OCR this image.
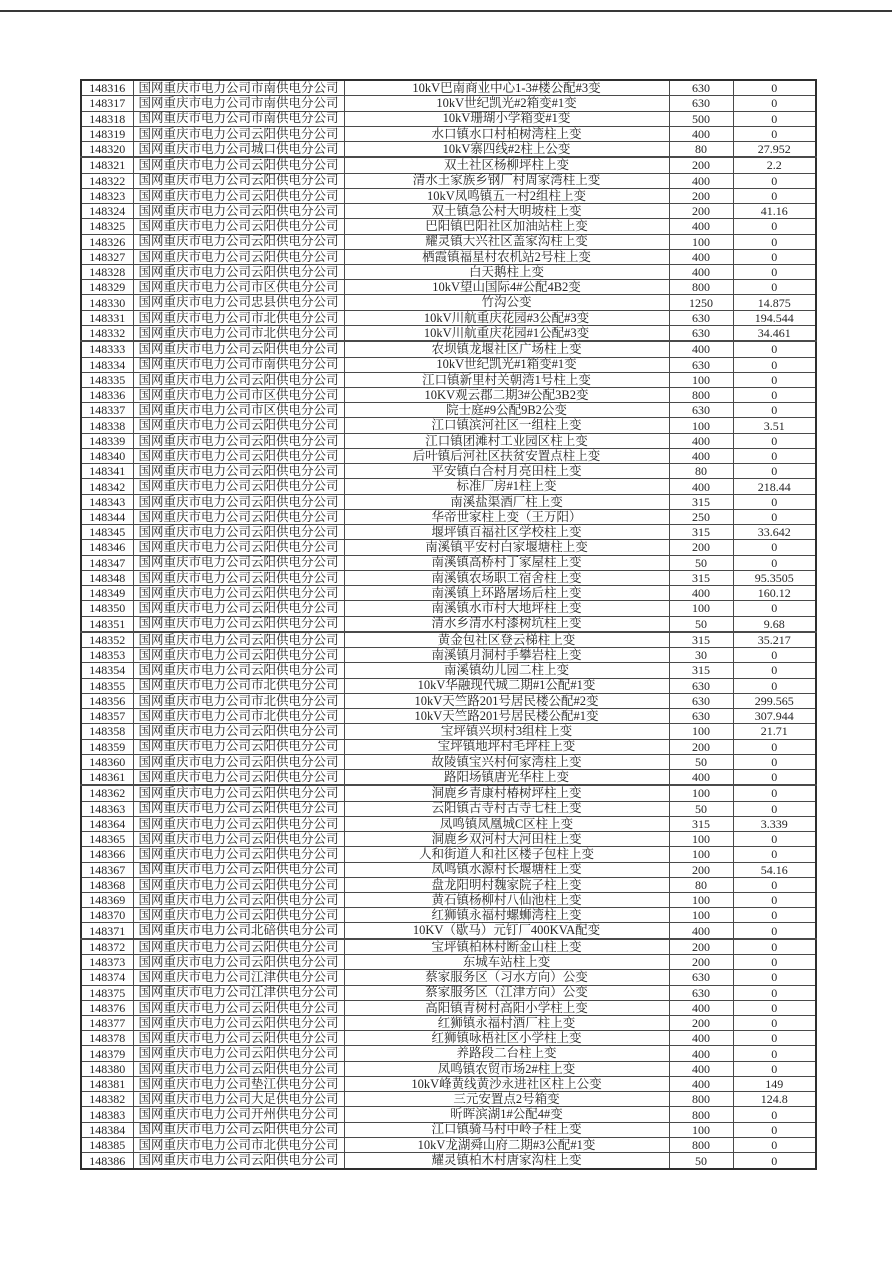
148316	国网重庆市电力公司市南供电分公司	10kV巴南商业中心1-3#楼公配#3变	630	0
148317	国网重庆市电力公司市南供电分公司	10kV世纪凯光#2箱变#1变	630	0
148318	国网重庆市电力公司市南供电分公司	10kV珊瑚小学箱变#1变	500	0
148319	国网重庆市电力公司云阳供电分公司	水口镇水口村柏树湾柱上变	400	0
148320	国网重庆市电力公司城口供电分公司	10kV寨四线#2柱上公变	80	27.952
148321	国网重庆市电力公司云阳供电分公司	双土社区杨柳坪柱上变	200	2.2
148322	国网重庆市电力公司云阳供电分公司	清水土家族乡钢厂村周家湾柱上变	400	0
148323	国网重庆市电力公司云阳供电分公司	10kV凤鸣镇五一村2组柱上变	200	0
148324	国网重庆市电力公司云阳供电分公司	双土镇急公村大明坡柱上变	200	41.16
148325	国网重庆市电力公司云阳供电分公司	巴阳镇巴阳社区加油站柱上变	400	0
148326	国网重庆市电力公司云阳供电分公司	耀灵镇大兴社区盖家沟柱上变	100	0
148327	国网重庆市电力公司云阳供电分公司	栖霞镇福星村农机站2号柱上变	400	0
148328	国网重庆市电力公司云阳供电分公司	白天鹅柱上变	400	0
148329	国网重庆市电力公司市区供电分公司	10kV望山国际4#公配4B2变	800	0
148330	国网重庆市电力公司忠县供电分公司	竹沟公变	1250	14.875
148331	国网重庆市电力公司市北供电分公司	10kV川航重庆花园#3公配#3变	630	194.544
148332	国网重庆市电力公司市北供电分公司	10kV川航重庆花园#1公配#3变	630	34.461
148333	国网重庆市电力公司云阳供电分公司	农坝镇龙堰社区广场柱上变	400	0
148334	国网重庆市电力公司市南供电分公司	10kV世纪凯光#1箱变#1变	630	0
148335	国网重庆市电力公司云阳供电分公司	江口镇新里村关朝湾1号柱上变	100	0
148336	国网重庆市电力公司市区供电分公司	10KV观云郡二期3#公配3B2变	800	0
148337	国网重庆市电力公司市区供电分公司	院士庭#9公配9B2公变	630	0
148338	国网重庆市电力公司云阳供电分公司	江口镇滨河社区一组柱上变	100	3.51
148339	国网重庆市电力公司云阳供电分公司	江口镇团滩村工业园区柱上变	400	0
148340	国网重庆市电力公司云阳供电分公司	后叶镇后河社区扶贫安置点柱上变	400	0
148341	国网重庆市电力公司云阳供电分公司	平安镇白合村月亮田柱上变	80	0
148342	国网重庆市电力公司云阳供电分公司	标准厂房#1柱上变	400	218.44
148343	国网重庆市电力公司云阳供电分公司	南溪盐渠酒厂柱上变	315	0
148344	国网重庆市电力公司云阳供电分公司	华帝世家柱上变（王万阳）	250	0
148345	国网重庆市电力公司云阳供电分公司	堰坪镇百福社区学校柱上变	315	33.642
148346	国网重庆市电力公司云阳供电分公司	南溪镇平安村白家堰塘柱上变	200	0
148347	国网重庆市电力公司云阳供电分公司	南溪镇高桥村丁家屋柱上变	50	0
148348	国网重庆市电力公司云阳供电分公司	南溪镇农场职工宿舍柱上变	315	95.3505
148349	国网重庆市电力公司云阳供电分公司	南溪镇上环路屠场后柱上变	400	160.12
148350	国网重庆市电力公司云阳供电分公司	南溪镇水市村大地坪柱上变	100	0
148351	国网重庆市电力公司云阳供电分公司	清水乡清水村漆树坑柱上变	50	9.68
148352	国网重庆市电力公司云阳供电分公司	黄金包社区登云梯柱上变	315	35.217
148353	国网重庆市电力公司云阳供电分公司	南溪镇月洞村手攀岩柱上变	30	0
148354	国网重庆市电力公司云阳供电分公司	南溪镇幼儿园二柱上变	315	0
148355	国网重庆市电力公司市北供电分公司	10kV华融现代城二期#1公配#1变	630	0
148356	国网重庆市电力公司市北供电分公司	10kV天竺路201号居民楼公配#2变	630	299.565
148357	国网重庆市电力公司市北供电分公司	10kV天竺路201号居民楼公配#1变	630	307.944
148358	国网重庆市电力公司云阳供电分公司	宝坪镇兴坝村3组柱上变	100	21.71
148359	国网重庆市电力公司云阳供电分公司	宝坪镇地坪村毛坪柱上变	200	0
148360	国网重庆市电力公司云阳供电分公司	故陵镇宝兴村何家湾柱上变	50	0
148361	国网重庆市电力公司云阳供电分公司	路阳场镇唐光华柱上变	400	0
148362	国网重庆市电力公司云阳供电分公司	洞鹿乡青康村椿树坪柱上变	100	0
148363	国网重庆市电力公司云阳供电分公司	云阳镇古寺村古寺七柱上变	50	0
148364	国网重庆市电力公司云阳供电分公司	凤鸣镇凤凰城C区柱上变	315	3.339
148365	国网重庆市电力公司云阳供电分公司	洞鹿乡双河村大河田柱上变	100	0
148366	国网重庆市电力公司云阳供电分公司	人和街道人和社区楼子包柱上变	100	0
148367	国网重庆市电力公司云阳供电分公司	凤鸣镇水源村长堰塘柱上变	200	54.16
148368	国网重庆市电力公司云阳供电分公司	盘龙阳明村魏家院子柱上变	80	0
148369	国网重庆市电力公司云阳供电分公司	黄石镇杨柳村八仙池柱上变	100	0
148370	国网重庆市电力公司云阳供电分公司	红狮镇永福村螺蛳湾柱上变	100	0
148371	国网重庆市电力公司北碚供电分公司	10KV（歇马）元钉厂400KVA配变	400	0
148372	国网重庆市电力公司云阳供电分公司	宝坪镇柏林村断金山柱上变	200	0
148373	国网重庆市电力公司云阳供电分公司	东城车站柱上变	200	0
148374	国网重庆市电力公司江津供电分公司	蔡家服务区（习水方向）公变	630	0
148375	国网重庆市电力公司江津供电分公司	蔡家服务区（江津方向）公变	630	0
148376	国网重庆市电力公司云阳供电分公司	高阳镇青树村高阳小学柱上变	400	0
148377	国网重庆市电力公司云阳供电分公司	红狮镇永福村酒厂柱上变	200	0
148378	国网重庆市电力公司云阳供电分公司	红狮镇咏梧社区小学柱上变	400	0
148379	国网重庆市电力公司云阳供电分公司	养路段二台柱上变	400	0
148380	国网重庆市电力公司云阳供电分公司	凤鸣镇农贸市场2#柱上变	400	0
148381	国网重庆市电力公司垫江供电分公司	10kV峰黄线黄沙永进社区柱上公变	400	149
148382	国网重庆市电力公司大足供电分公司	三元安置点2号箱变	800	124.8
148383	国网重庆市电力公司开州供电分公司	昕晖滨湖1#公配4#变	800	0
148384	国网重庆市电力公司云阳供电分公司	江口镇骑马村中岭子柱上变	100	0
148385	国网重庆市电力公司市北供电分公司	10kV龙湖舜山府二期#3公配#1变	800	0
148386	国网重庆市电力公司云阳供电分公司	耀灵镇柏木村唐家沟柱上变	50	0
